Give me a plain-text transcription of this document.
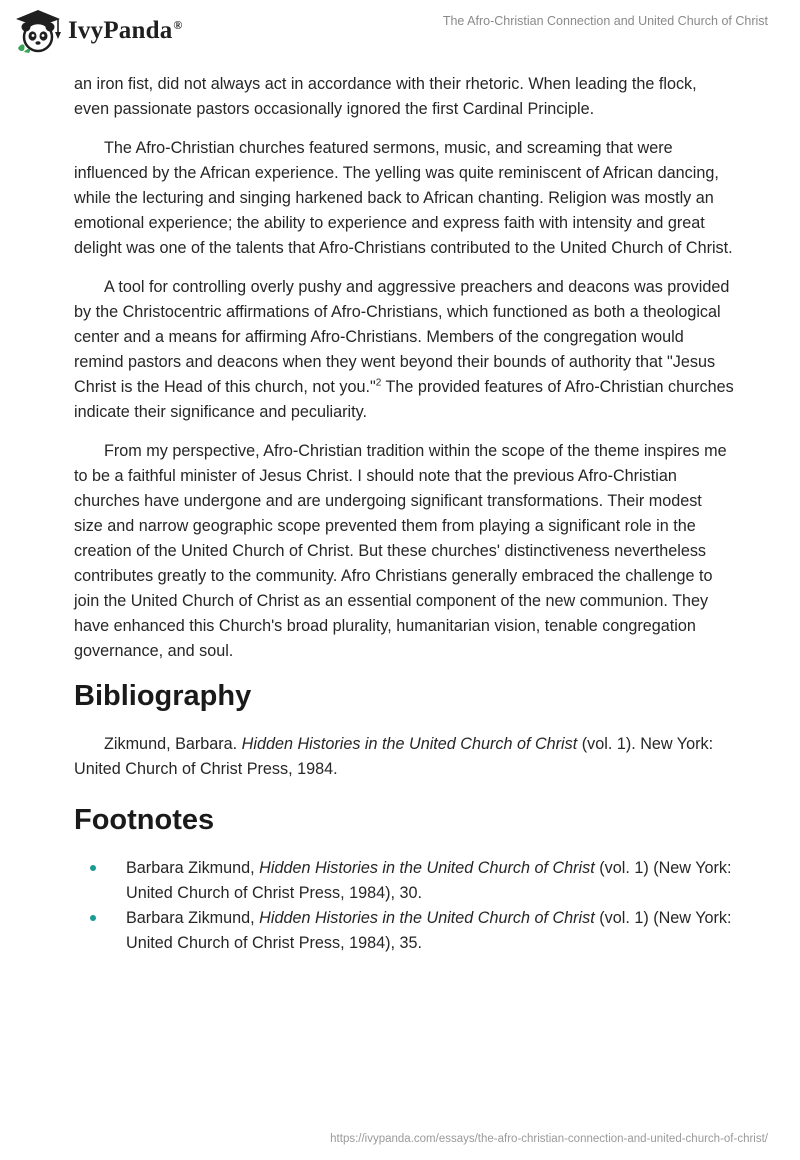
IvyPanda®	The Afro-Christian Connection and United Church of Christ

an iron fist, did not always act in accordance with their rhetoric. When leading the flock, even passionate pastors occasionally ignored the first Cardinal Principle.

The Afro-Christian churches featured sermons, music, and screaming that were influenced by the African experience. The yelling was quite reminiscent of African dancing, while the lecturing and singing harkened back to African chanting. Religion was mostly an emotional experience; the ability to experience and express faith with intensity and great delight was one of the talents that Afro-Christians contributed to the United Church of Christ.

A tool for controlling overly pushy and aggressive preachers and deacons was provided by the Christocentric affirmations of Afro-Christians, which functioned as both a theological center and a means for affirming Afro-Christians. Members of the congregation would remind pastors and deacons when they went beyond their bounds of authority that "Jesus Christ is the Head of this church, not you."$^2$ The provided features of Afro-Christian churches indicate their significance and peculiarity.

From my perspective, Afro-Christian tradition within the scope of the theme inspires me to be a faithful minister of Jesus Christ. I should note that the previous Afro-Christian churches have undergone and are undergoing significant transformations. Their modest size and narrow geographic scope prevented them from playing a significant role in the creation of the United Church of Christ. But these churches' distinctiveness nevertheless contributes greatly to the community. Afro Christians generally embraced the challenge to join the United Church of Christ as an essential component of the new communion. They have enhanced this Church's broad plurality, humanitarian vision, tenable congregation governance, and soul.

Bibliography

Zikmund, Barbara. Hidden Histories in the United Church of Christ (vol. 1). New York: United Church of Christ Press, 1984.

Footnotes
Barbara Zikmund, Hidden Histories in the United Church of Christ (vol. 1) (New York: United Church of Christ Press, 1984), 30.
Barbara Zikmund, Hidden Histories in the United Church of Christ (vol. 1) (New York: United Church of Christ Press, 1984), 35.
https://ivypanda.com/essays/the-afro-christian-connection-and-united-church-of-christ/
